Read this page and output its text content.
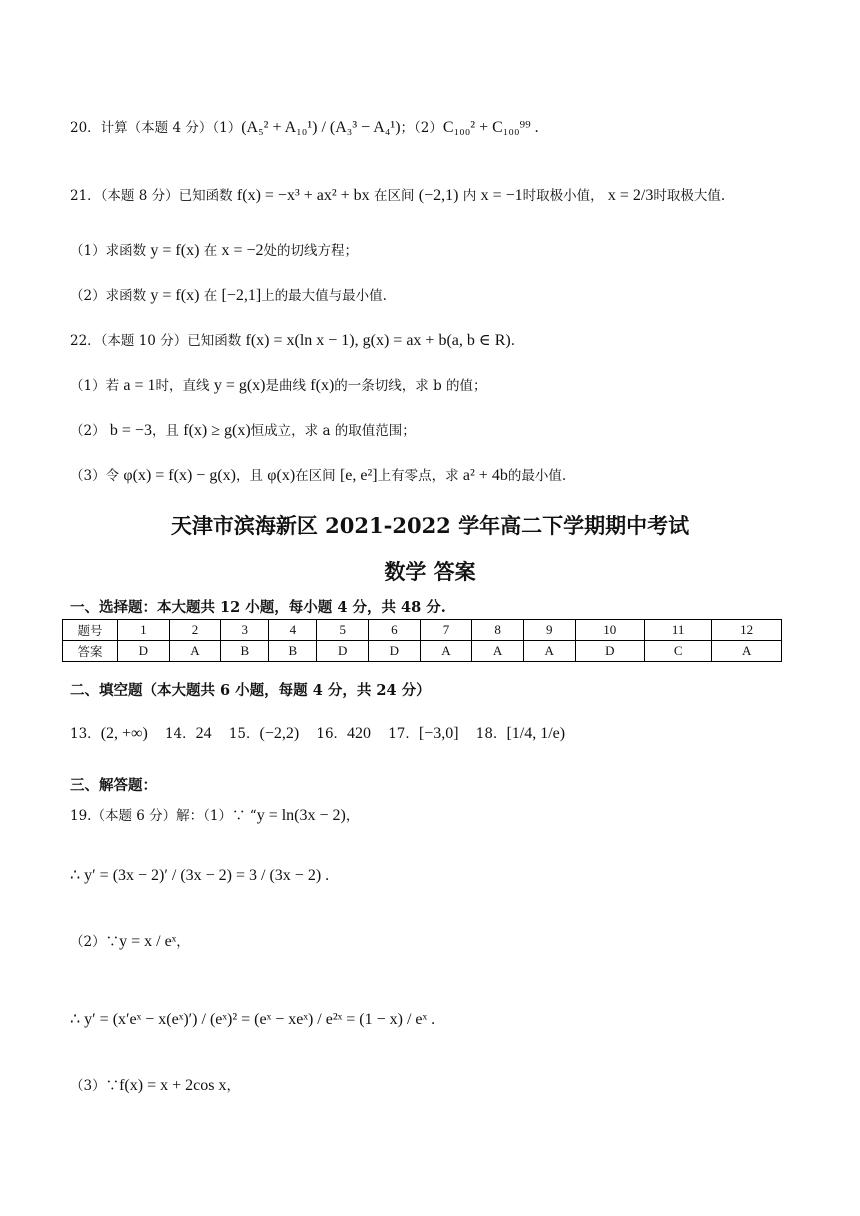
20．计算（本题 4 分）（1）(A₅² + A₁₀¹) / (A₃³ − A₄¹)；（2）C₁₀₀² + C₁₀₀⁹⁹ .
21．（本题 8 分）已知函数 f(x) = −x³ + ax² + bx 在区间 (−2,1) 内 x = −1时取极小值， x = 2/3时取极大值.
（1）求函数 y = f(x) 在 x = −2处的切线方程；
（2）求函数 y = f(x) 在 [−2,1]上的最大值与最小值.
22．（本题 10 分）已知函数 f(x) = x(ln x − 1), g(x) = ax + b(a, b ∈ R).
（1）若 a = 1时，直线 y = g(x)是曲线 f(x)的一条切线，求 b 的值；
（2） b = −3，且 f(x) ≥ g(x)恒成立，求 a 的取值范围；
（3）令 φ(x) = f(x) − g(x)，且 φ(x)在区间 [e, e²]上有零点，求 a² + 4b的最小值.
天津市滨海新区 2021-2022 学年高二下学期期中考试
数学 答案
一、选择题：本大题共 12 小题，每小题 4 分，共 48 分.
题号	1	2	3	4	5	6	7	8	9	10	11	12
答案	D	A	B	B	D	D	A	A	A	D	C	A
二、填空题（本大题共 6 小题，每题 4 分，共 24 分）
13．(2, +∞) 14．24 15．(−2,2) 16．420 17．[−3,0] 18．[1/4, 1/e)
三、解答题：
19.（本题 6 分）解：（1）∵ “y = ln(3x − 2)，
∴ y′ = (3x − 2)′ / (3x − 2) = 3 / (3x − 2) .
（2）∵y = x / eˣ，
∴ y′ = (x′eˣ − x(eˣ)′) / (eˣ)² = (eˣ − xeˣ) / e²ˣ = (1 − x) / eˣ .
（3）∵f(x) = x + 2cos x，
